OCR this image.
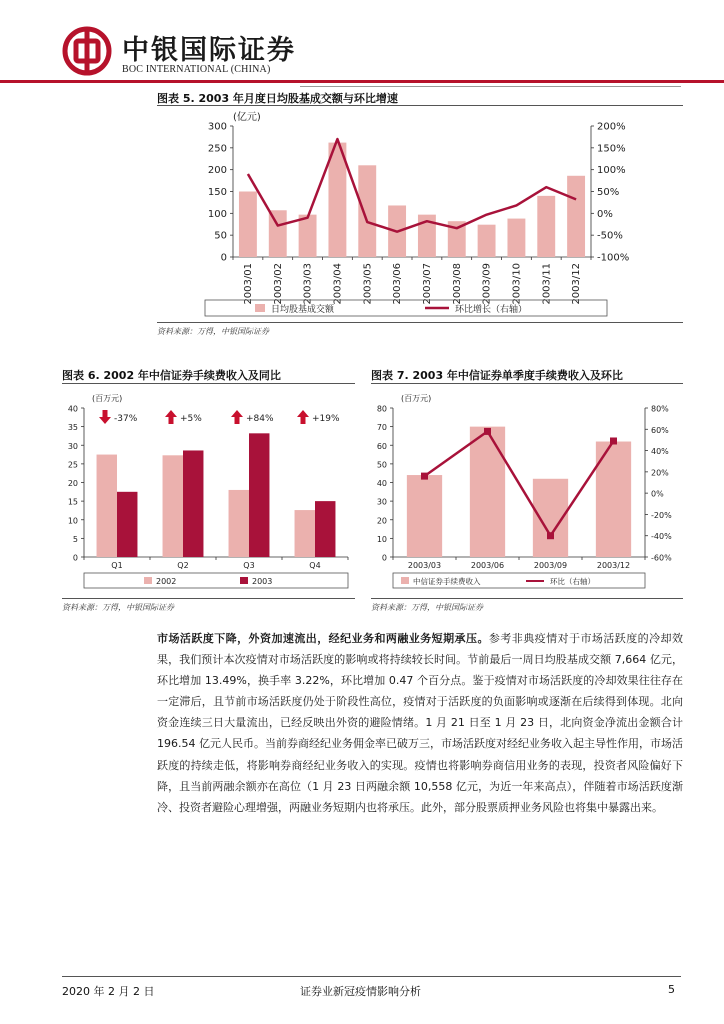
中银国际证券
BOC INTERNATIONAL (CHINA)
图表 5. 2003 年月度日均股基成交额与环比增速
(亿元)
0
50
100
150
200
250
300
-100%
-50%
0%
50%
100%
150%
200%
2003/01 2003/02 2003/03 2003/04 2003/05 2003/06 2003/07 2003/08 2003/09 2003/10 2003/11 2003/12
日均股基成交额	环比增长（右轴）
资料来源：万得，中银国际证券
图表 6. 2002 年中信证券手续费收入及同比
(百万元)
0
5
10
15
20
25
30
35
40
Q1	Q2	Q3	Q4
-37%	+5%	+84%	+19%
2002	2003
资料来源：万得，中银国际证券
图表 7. 2003 年中信证券单季度手续费收入及环比
(百万元)
0
10
20
30
40
50
60
70
80
-60%
-40%
-20%
0%
20%
40%
60%
80%
2003/03	2003/06	2003/09	2003/12
中信证券手续费收入	环比（右轴）
资料来源：万得，中银国际证券
市场活跃度下降，外资加速流出，经纪业务和两融业务短期承压。参考非典疫情对于市场活跃度的冷却效果，我们预计本次疫情对市场活跃度的影响或将持续较长时间。节前最后一周日均股基成交额 7,664 亿元，环比增加 13.49%，换手率 3.22%，环比增加 0.47 个百分点。鉴于疫情对市场活跃度的冷却效果往往存在一定滞后，且节前市场活跃度仍处于阶段性高位，疫情对于活跃度的负面影响或逐渐在后续得到体现。北向资金连续三日大量流出，已经反映出外资的避险情绪。1 月 21 日至 1 月 23 日，北向资金净流出金额合计 196.54 亿元人民币。当前券商经纪业务佣金率已破万三，市场活跃度对经纪业务收入起主导性作用，市场活跃度的持续走低，将影响券商经纪业务收入的实现。疫情也将影响券商信用业务的表现，投资者风险偏好下降，且当前两融余额亦在高位（1 月 23 日两融余额 10,558 亿元，为近一年来高点），伴随着市场活跃度渐冷、投资者避险心理增强，两融业务短期内也将承压。此外，部分股票质押业务风险也将集中暴露出来。
2020 年 2 月 2 日	证券业新冠疫情影响分析	5
